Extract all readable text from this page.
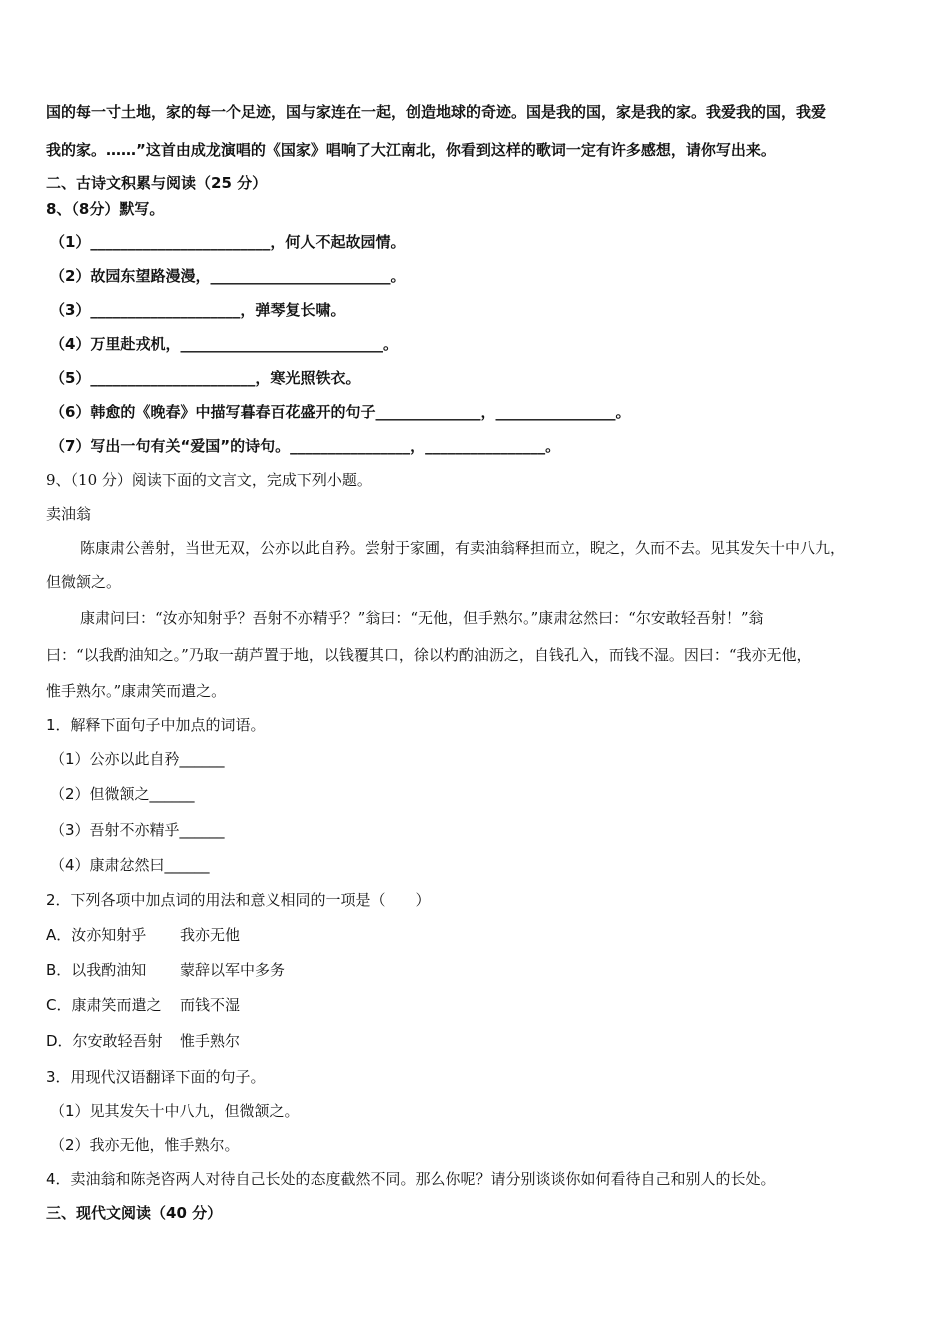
国的每一寸土地，家的每一个足迹，国与家连在一起，创造地球的奇迹。国是我的国，家是我的家。我爱我的国，我爱
我的家。……”这首由成龙演唱的《国家》唱响了大江南北，你看到这样的歌词一定有许多感想，请你写出来。
二、古诗文积累与阅读（25 分）
8、（8分）默写。
（1）________________________，何人不起故园情。
（2）故园东望路漫漫，________________________。
（3）____________________，弹琴复长啸。
（4）万里赴戎机，___________________________。
（5）______________________，寒光照铁衣。
（6）韩愈的《晚春》中描写暮春百花盛开的句子______________，________________。
（7）写出一句有关“爱国”的诗句。________________，________________。
9、（10 分）阅读下面的文言文，完成下列小题。
卖油翁
陈康肃公善射，当世无双，公亦以此自矜。尝射于家圃，有卖油翁释担而立，睨之，久而不去。见其发矢十中八九，
但微颔之。
康肃问曰：“汝亦知射乎？吾射不亦精乎？”翁曰：“无他，但手熟尔。”康肃忿然曰：“尔安敢轻吾射！”翁
曰：“以我酌油知之。”乃取一葫芦置于地，以钱覆其口，徐以杓酌油沥之，自钱孔入，而钱不湿。因曰：“我亦无他，
惟手熟尔。”康肃笑而遣之。
1．解释下面句子中加点的词语。
（1）公亦以此自矜______
（2）但微颔之______
（3）吾射不亦精乎______
（4）康肃忿然曰______
2．下列各项中加点词的用法和意义相同的一项是（　　）
A．汝亦知射乎 我亦无他
B．以我酌油知 蒙辞以军中多务
C．康肃笑而遣之 而钱不湿
D．尔安敢轻吾射 惟手熟尔
3．用现代汉语翻译下面的句子。
（1）见其发矢十中八九，但微颔之。
（2）我亦无他，惟手熟尔。
4．卖油翁和陈尧咨两人对待自己长处的态度截然不同。那么你呢？请分别谈谈你如何看待自己和别人的长处。
三、现代文阅读（40 分）
